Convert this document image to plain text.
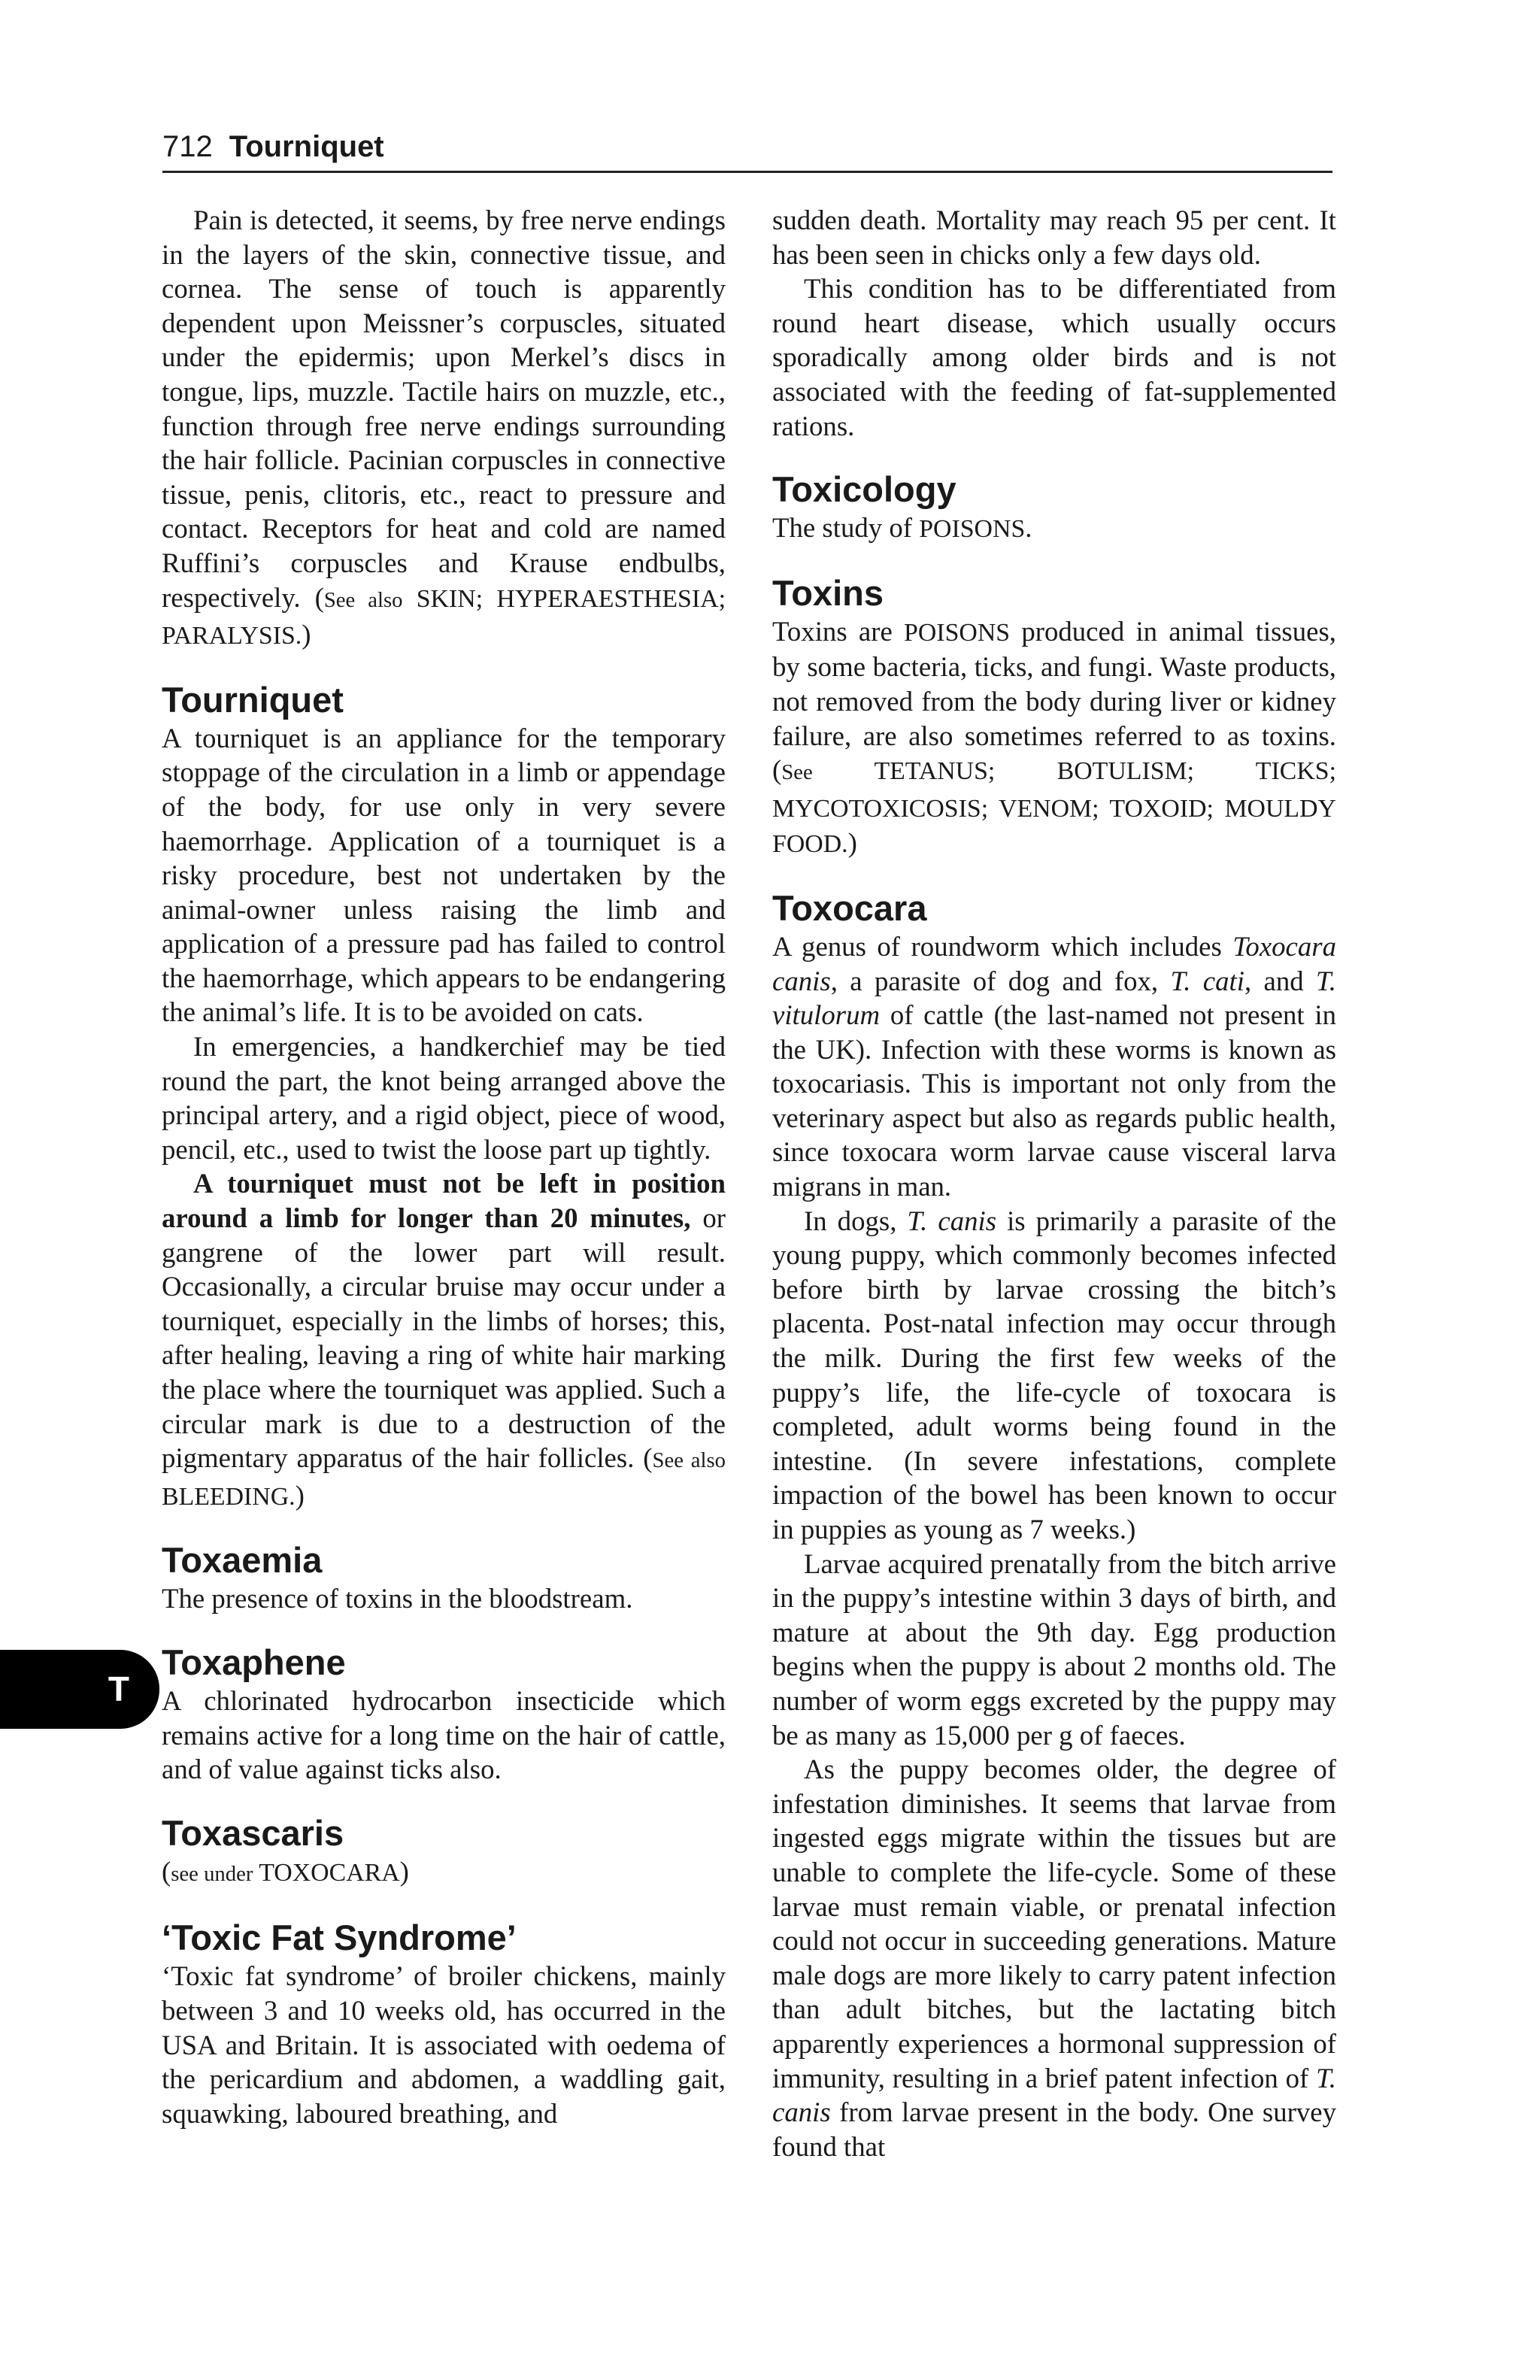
712 Tourniquet
T

Pain is detected, it seems, by free nerve endings in the layers of the skin, connective tissue, and cornea. The sense of touch is apparently dependent upon Meissner’s corpuscles, situated under the epidermis; upon Merkel’s discs in tongue, lips, muzzle. Tactile hairs on muzzle, etc., function through free nerve endings surrounding the hair follicle. Pacinian corpuscles in connective tissue, penis, clitoris, etc., react to pressure and contact. Receptors for heat and cold are named Ruffini’s corpuscles and Krause endbulbs, respectively. (See also SKIN; HYPERAESTHESIA; PARALYSIS.)

Tourniquet

A tourniquet is an appliance for the temporary stoppage of the circulation in a limb or appendage of the body, for use only in very severe haemorrhage. Application of a tourniquet is a risky procedure, best not undertaken by the animal-owner unless raising the limb and application of a pressure pad has failed to control the haemorrhage, which appears to be endangering the animal’s life. It is to be avoided on cats.

In emergencies, a handkerchief may be tied round the part, the knot being arranged above the principal artery, and a rigid object, piece of wood, pencil, etc., used to twist the loose part up tightly.

A tourniquet must not be left in position around a limb for longer than 20 minutes, or gangrene of the lower part will result. Occasionally, a circular bruise may occur under a tourniquet, especially in the limbs of horses; this, after healing, leaving a ring of white hair marking the place where the tourniquet was applied. Such a circular mark is due to a destruction of the pigmentary apparatus of the hair follicles. (See also BLEEDING.)

Toxaemia

The presence of toxins in the bloodstream.

Toxaphene

A chlorinated hydrocarbon insecticide which remains active for a long time on the hair of cattle, and of value against ticks also.

Toxascaris

(see under TOXOCARA)

‘Toxic Fat Syndrome’

‘Toxic fat syndrome’ of broiler chickens, mainly between 3 and 10 weeks old, has occurred in the USA and Britain. It is associated with oedema of the pericardium and abdomen, a waddling gait, squawking, laboured breathing, and

sudden death. Mortality may reach 95 per cent. It has been seen in chicks only a few days old.

This condition has to be differentiated from round heart disease, which usually occurs sporadically among older birds and is not associated with the feeding of fat-supplemented rations.

Toxicology

The study of POISONS.

Toxins

Toxins are POISONS produced in animal tissues, by some bacteria, ticks, and fungi. Waste products, not removed from the body during liver or kidney failure, are also sometimes referred to as toxins. (See TETANUS; BOTULISM; TICKS; MYCOTOXICOSIS; VENOM; TOXOID; MOULDY FOOD.)

Toxocara

A genus of roundworm which includes Toxocara canis, a parasite of dog and fox, T. cati, and T. vitulorum of cattle (the last-named not present in the UK). Infection with these worms is known as toxocariasis. This is important not only from the veterinary aspect but also as regards public health, since toxocara worm larvae cause visceral larva migrans in man.

In dogs, T. canis is primarily a parasite of the young puppy, which commonly becomes infected before birth by larvae crossing the bitch’s placenta. Post-natal infection may occur through the milk. During the first few weeks of the puppy’s life, the life-cycle of toxocara is completed, adult worms being found in the intestine. (In severe infestations, complete impaction of the bowel has been known to occur in puppies as young as 7 weeks.)

Larvae acquired prenatally from the bitch arrive in the puppy’s intestine within 3 days of birth, and mature at about the 9th day. Egg production begins when the puppy is about 2 months old. The number of worm eggs excreted by the puppy may be as many as 15,000 per g of faeces.

As the puppy becomes older, the degree of infestation diminishes. It seems that larvae from ingested eggs migrate within the tissues but are unable to complete the life-cycle. Some of these larvae must remain viable, or prenatal infection could not occur in succeeding generations. Mature male dogs are more likely to carry patent infection than adult bitches, but the lactating bitch apparently experiences a hormonal suppression of immunity, resulting in a brief patent infection of T. canis from larvae present in the body. One survey found that
